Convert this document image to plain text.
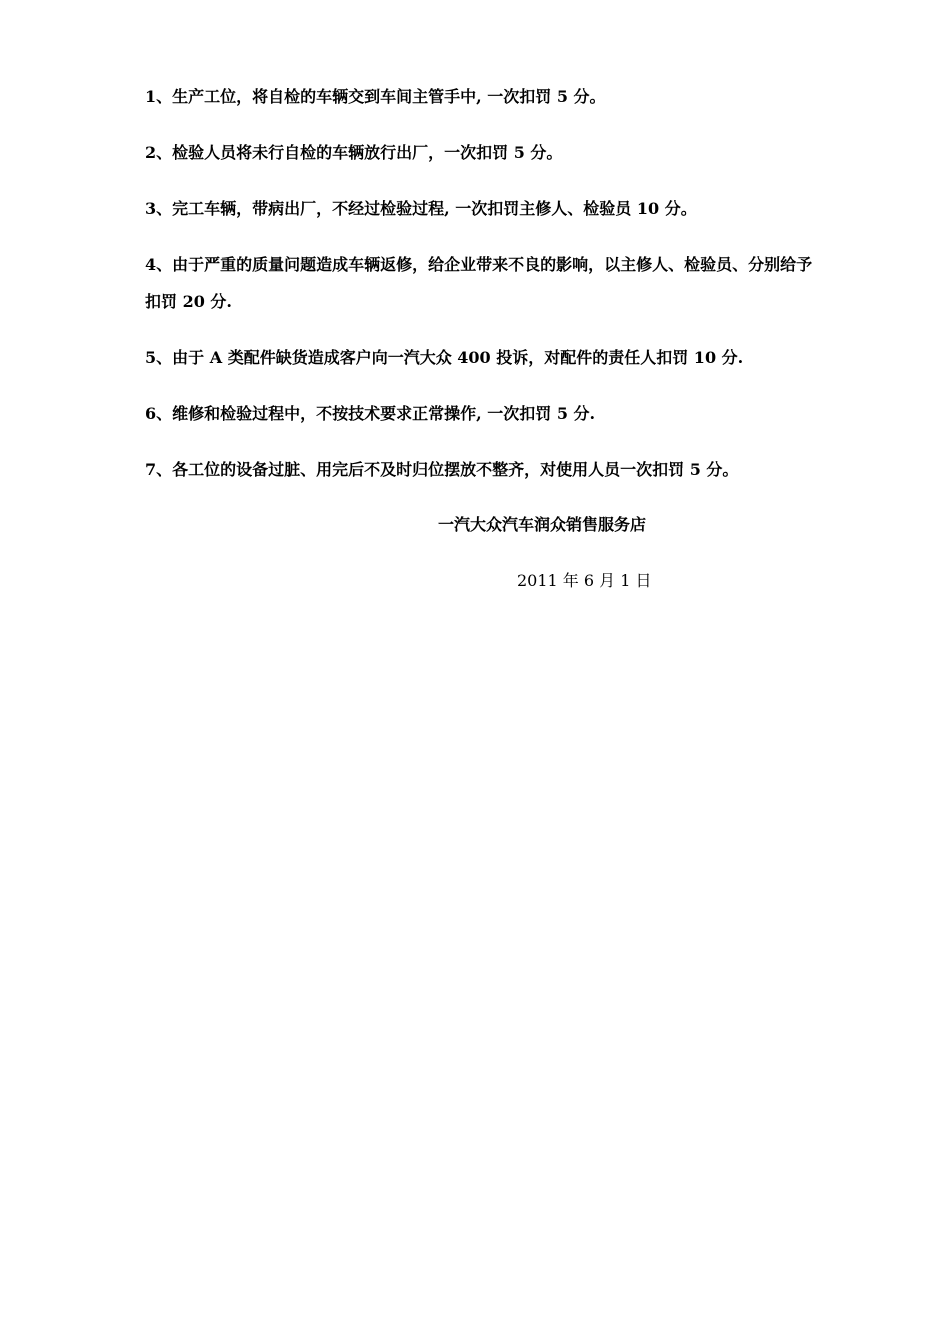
1、生产工位，将自检的车辆交到车间主管手中, 一次扣罚 5 分。

2、检验人员将未行自检的车辆放行出厂，一次扣罚 5 分。

3、完工车辆，带病出厂，不经过检验过程, 一次扣罚主修人、检验员 10 分。

4、由于严重的质量问题造成车辆返修，给企业带来不良的影响，以主修人、检验员、分别给予扣罚 20 分.

5、由于 A 类配件缺货造成客户向一汽大众 400 投诉，对配件的责任人扣罚 10 分.

6、维修和检验过程中，不按技术要求正常操作, 一次扣罚 5 分.

7、各工位的设备过脏、用完后不及时归位摆放不整齐，对使用人员一次扣罚 5 分。

一汽大众汽车润众销售服务店

2011 年 6 月 1 日
